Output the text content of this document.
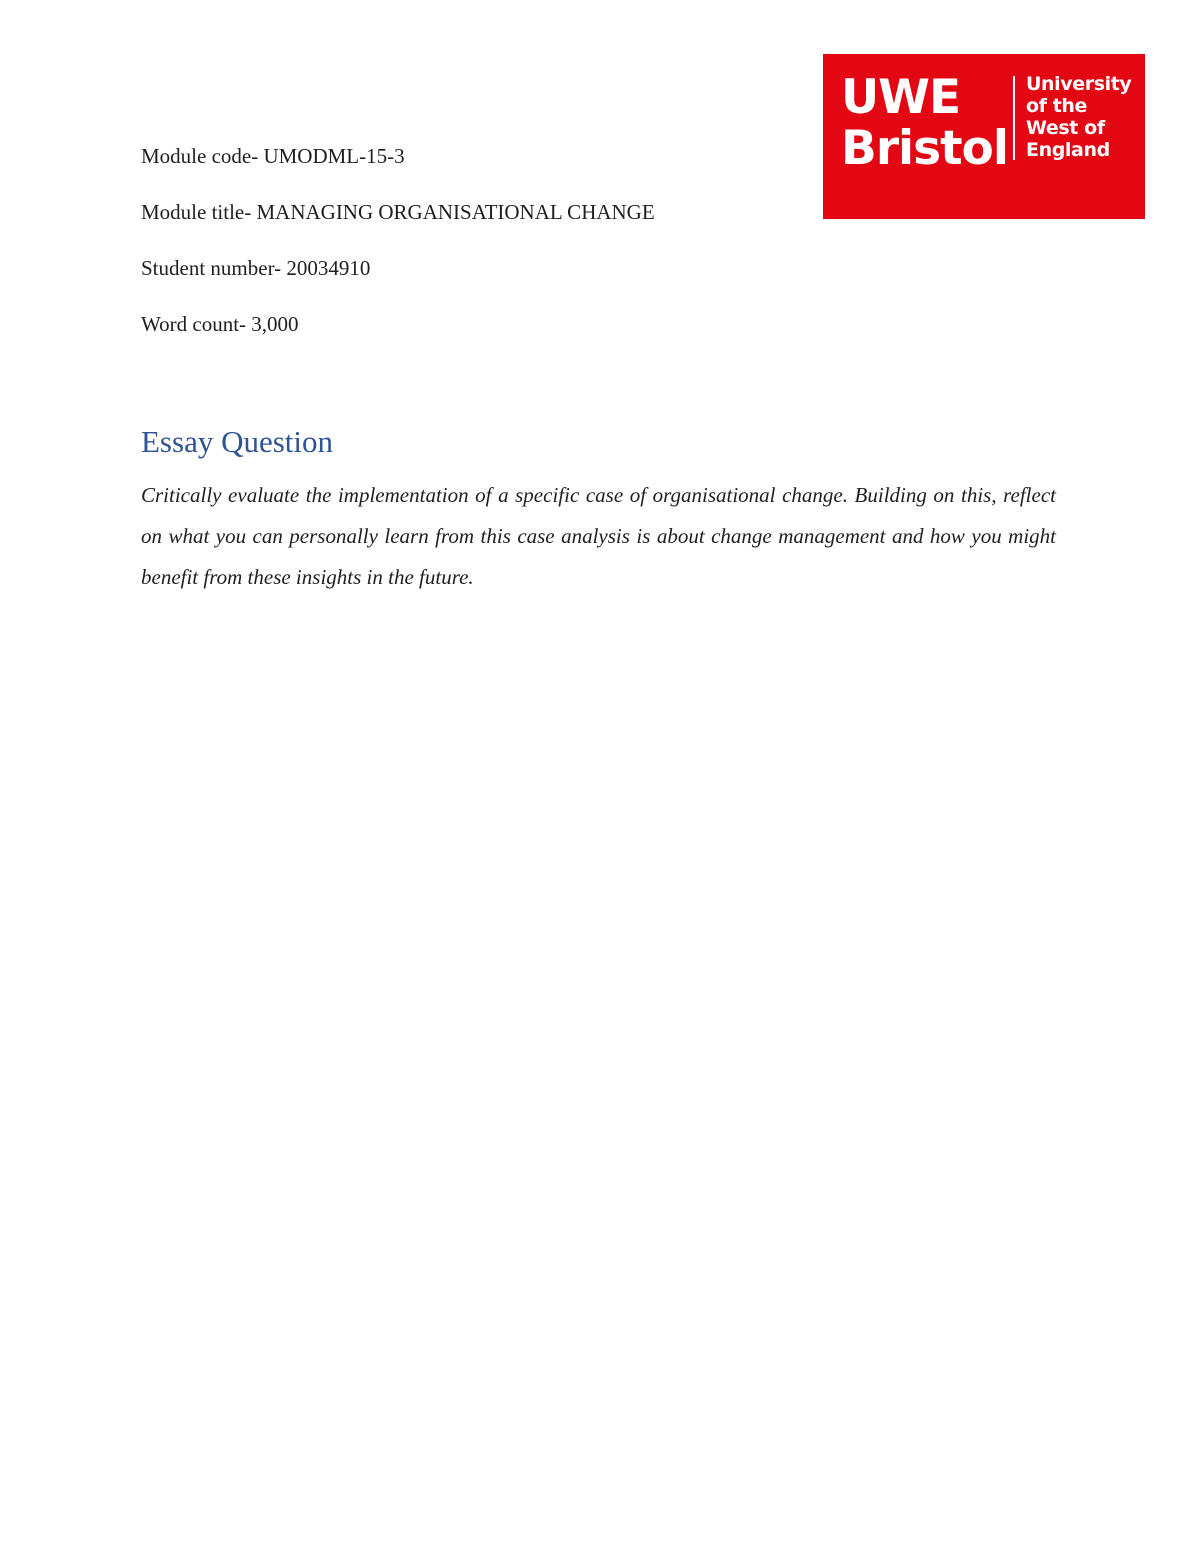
UWE
Bristol
University
of the
West of
England
Module code- UMODML-15-3
Module title- MANAGING ORGANISATIONAL CHANGE
Student number- 20034910
Word count- 3,000
Essay Question
Critically evaluate the implementation of a specific case of organisational change. Building on this, reflect on what you can personally learn from this case analysis is about change management and how you might benefit from these insights in the future.
